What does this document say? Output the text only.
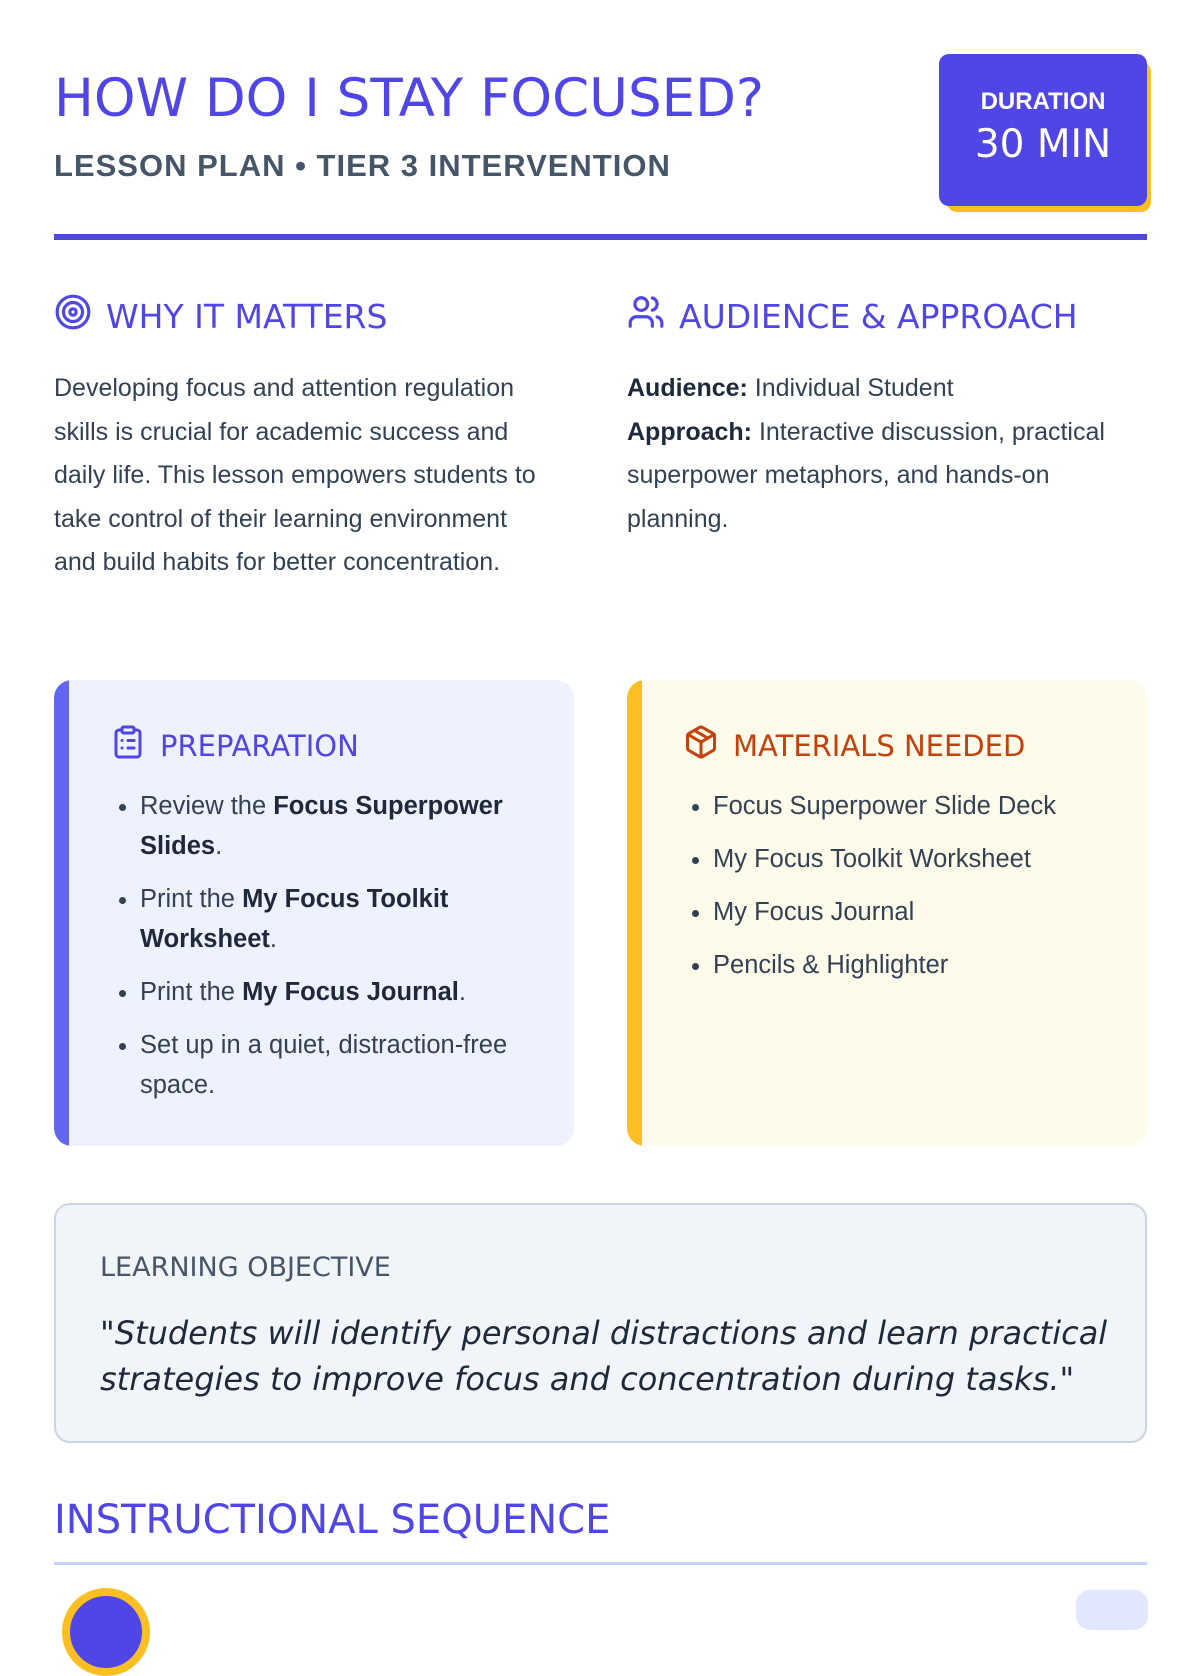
HOW DO I STAY FOCUSED?
LESSON PLAN • TIER 3 INTERVENTION
DURATION
30 MIN
WHY IT MATTERS

Developing focus and attention regulation skills is crucial for academic success and daily life. This lesson empowers students to take control of their learning environment and build habits for better concentration.

AUDIENCE & APPROACH

Audience: Individual Student
Approach: Interactive discussion, practical superpower metaphors, and hands-on planning.

PREPARATION
• Review the Focus Superpower Slides.
• Print the My Focus Toolkit Worksheet.
• Print the My Focus Journal.
• Set up in a quiet, distraction-free space.
MATERIALS NEEDED
• Focus Superpower Slide Deck
• My Focus Toolkit Worksheet
• My Focus Journal
• Pencils & Highlighter
LEARNING OBJECTIVE

"Students will identify personal distractions and learn practical strategies to improve focus and concentration during tasks."

INSTRUCTIONAL SEQUENCE
